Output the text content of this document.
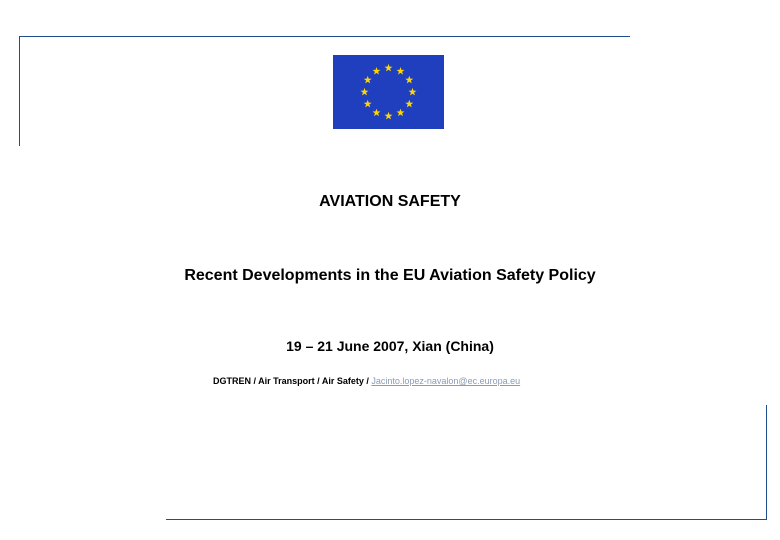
AVIATION SAFETY
Recent Developments in the EU Aviation Safety Policy
19 – 21 June 2007, Xian (China)
DGTREN / Air Transport / Air Safety / Jacinto.lopez-navalon@ec.europa.eu
